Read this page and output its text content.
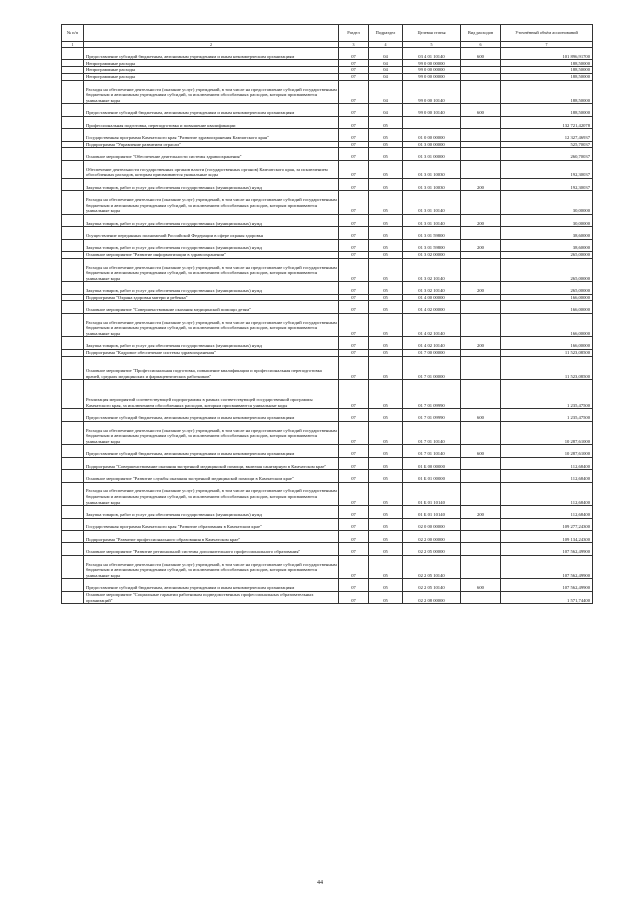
№ п/п		Раздел	Подраздел	Целевая статья	Вид расходов	Уточнённый объём ассигнований
1	2	3	4	5	6	7
	Предоставление субсидий бюджетным, автономным учреждениям и иным некоммерческим организациям	07	04	03 4 01 10140	600	101 896,91700
	Непрограммные расходы	07	04	99 0 00 00000		188,50000
	Непрограммные расходы	07	04	99 0 00 00000		188,50000
	Непрограммные расходы	07	04	99 0 00 00000		188,50000
	Расходы на обеспечение деятельности (оказание услуг) учреждений, в том числе на предоставление субсидий государственным бюджетным и автономным учреждениям субсидий, за исключением обособленных расходов, которым присваиваются уникальные коды	07	04	99 0 00 10140		188,50000
	Предоставление субсидий бюджетным, автономным учреждениям и иным некоммерческим организациям	07	04	99 0 00 10140	600	188,50000
	Профессиональная подготовка, переподготовка и повышение квалификации	07	05			132 721,42078
	Государственная программа Камчатского края "Развитие здравоохранения Камчатского края"	07	05	01 0 00 00000		12 327,46937
	Подпрограмма "Управление развитием отрасли"	07	05	01 3 00 00000		525,70037
	Основное мероприятие "Обеспечение деятельности системы здравоохранения"	07	05	01 3 01 00000		260,70037
	Обеспечение деятельности государственных органов власти (государственных органов) Камчатского края, за исключением обособленных расходов, которым присваиваются уникальные коды	07	05	01 3 01 10030		192,30037
	Закупка товаров, работ и услуг для обеспечения государственных (муниципальных) нужд	07	05	01 3 01 10030	200	192,30037
	Расходы на обеспечение деятельности (оказание услуг) учреждений, в том числе на предоставление субсидий государственным бюджетным и автономным учреждениям субсидий, за исключением обособленных расходов, которым присваиваются уникальные коды	07	05	01 3 01 10140		30,00000
	Закупка товаров, работ и услуг для обеспечения государственных (муниципальных) нужд	07	05	01 3 01 10140	200	30,00000
	Осуществление переданных полномочий Российской Федерации в сфере охраны здоровья	07	05	01 3 01 59800		38,60000
	Закупка товаров, работ и услуг для обеспечения государственных (муниципальных) нужд	07	05	01 3 01 59800	200	38,60000
	Основное мероприятие "Развитие информатизации в здравоохранении"	07	05	01 3 02 00000		265,00000
	Расходы на обеспечение деятельности (оказание услуг) учреждений, в том числе на предоставление субсидий государственным бюджетным и автономным учреждениям субсидий, за исключением обособленных расходов, которым присваиваются уникальные коды	07	05	01 3 02 10140		265,00000
	Закупка товаров, работ и услуг для обеспечения государственных (муниципальных) нужд	07	05	01 3 02 10140	200	265,00000
	Подпрограмма "Охрана здоровья матери и ребенка"	07	05	01 4 00 00000		166,00000
	Основное мероприятие "Совершенствование оказания медицинской помощи детям"	07	05	01 4 02 00000		166,00000
	Расходы на обеспечение деятельности (оказание услуг) учреждений, в том числе на предоставление субсидий государственным бюджетным и автономным учреждениям субсидий, за исключением обособленных расходов, которым присваиваются уникальные коды	07	05	01 4 02 10140		166,00000
	Закупка товаров, работ и услуг для обеспечения государственных (муниципальных) нужд	07	05	01 4 02 10140	200	166,00000
	Подпрограмма "Кадровое обеспечение системы здравоохранения"	07	05	01 7 00 00000		11 523,08500
	Основное мероприятие "Профессиональная подготовка, повышение квалификации и профессиональная переподготовка врачей, средних медицинских и фармацевтических работников"	07	05	01 7 01 00000		11 523,08500
	Реализация мероприятий соответствующей подпрограммы в рамках соответствующей государственной программы Камчатского края, за исключением обособленных расходов, которым присваиваются уникальные коды	07	05	01 7 01 09990		1 235,47500
	Предоставление субсидий бюджетным, автономным учреждениям и иным некоммерческим организациям	07	05	01 7 01 09990	600	1 235,47500
	Расходы на обеспечение деятельности (оказание услуг) учреждений, в том числе на предоставление субсидий государственным бюджетным и автономным учреждениям субсидий, за исключением обособленных расходов, которым присваиваются уникальные коды	07	05	01 7 01 10140		10 287,61000
	Предоставление субсидий бюджетным, автономным учреждениям и иным некоммерческим организациям	07	05	01 7 01 10140	600	10 287,61000
	Подпрограмма "Совершенствование оказания экстренной медицинской помощи, включая санитарную в Камчатском крае"	07	05	01 Б 00 00000		112,68400
	Основное мероприятие "Развитие службы оказания экстренной медицинской помощи в Камчатском крае"	07	05	01 Б 01 00000		112,68400
	Расходы на обеспечение деятельности (оказание услуг) учреждений, в том числе на предоставление субсидий государственным бюджетным и автономным учреждениям субсидий, за исключением обособленных расходов, которым присваиваются уникальные коды	07	05	01 Б 01 10140		112,68400
	Закупка товаров, работ и услуг для обеспечения государственных (муниципальных) нужд	07	05	01 Б 01 10140	200	112,68400
	Государственная программа Камчатского края "Развитие образования в Камчатском крае"	07	05	02 0 00 00000		109 277,24300
	Подпрограмма "Развитие профессионального образования в Камчатском крае"	07	05	02 2 00 00000		109 134,24300
	Основное мероприятие "Развитие региональной системы дополнительного профессионального образования"	07	05	02 2 05 00000		107 562,49900
	Расходы на обеспечение деятельности (оказание услуг) учреждений, в том числе на предоставление субсидий государственным бюджетным и автономным учреждениям субсидий, за исключением обособленных расходов, которым присваиваются уникальные коды	07	05	02 2 05 10140		107 562,49900
	Предоставление субсидий бюджетным, автономным учреждениям и иным некоммерческим организациям	07	05	02 2 05 10140	600	107 562,49900
	Основное мероприятие "Социальные гарантии работникам подведомственных профессиональных образовательных организаций"	07	05	02 2 08 00000		1 571,74400
44
